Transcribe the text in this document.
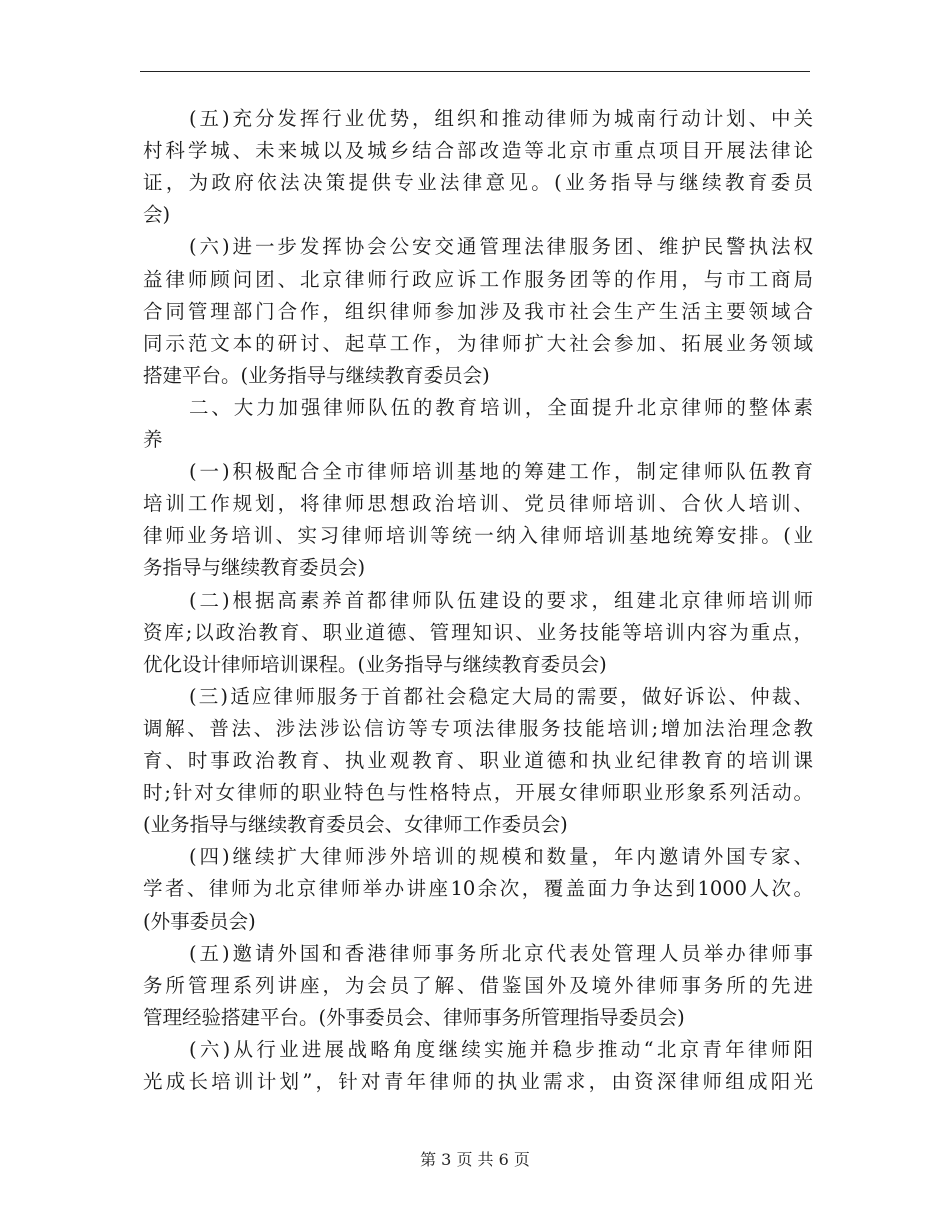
(五)充分发挥行业优势，组织和推动律师为城南行动计划、中关
村科学城、未来城以及城乡结合部改造等北京市重点项目开展法律论
证，为政府依法决策提供专业法律意见。(业务指导与继续教育委员
会)
(六)进一步发挥协会公安交通管理法律服务团、维护民警执法权
益律师顾问团、北京律师行政应诉工作服务团等的作用，与市工商局
合同管理部门合作，组织律师参加涉及我市社会生产生活主要领域合
同示范文本的研讨、起草工作，为律师扩大社会参加、拓展业务领域
搭建平台。(业务指导与继续教育委员会)
二、大力加强律师队伍的教育培训，全面提升北京律师的整体素
养
(一)积极配合全市律师培训基地的筹建工作，制定律师队伍教育
培训工作规划，将律师思想政治培训、党员律师培训、合伙人培训、
律师业务培训、实习律师培训等统一纳入律师培训基地统筹安排。(业
务指导与继续教育委员会)
(二)根据高素养首都律师队伍建设的要求，组建北京律师培训师
资库;以政治教育、职业道德、管理知识、业务技能等培训内容为重点，
优化设计律师培训课程。(业务指导与继续教育委员会)
(三)适应律师服务于首都社会稳定大局的需要，做好诉讼、仲裁、
调解、普法、涉法涉讼信访等专项法律服务技能培训;增加法治理念教
育、时事政治教育、执业观教育、职业道德和执业纪律教育的培训课
时;针对女律师的职业特色与性格特点，开展女律师职业形象系列活动。
(业务指导与继续教育委员会、女律师工作委员会)
(四)继续扩大律师涉外培训的规模和数量，年内邀请外国专家、
学者、律师为北京律师举办讲座10余次，覆盖面力争达到1000人次。
(外事委员会)
(五)邀请外国和香港律师事务所北京代表处管理人员举办律师事
务所管理系列讲座，为会员了解、借鉴国外及境外律师事务所的先进
管理经验搭建平台。(外事委员会、律师事务所管理指导委员会)
(六)从行业进展战略角度继续实施并稳步推动“北京青年律师阳
光成长培训计划”，针对青年律师的执业需求，由资深律师组成阳光
第 3 页 共 6 页
